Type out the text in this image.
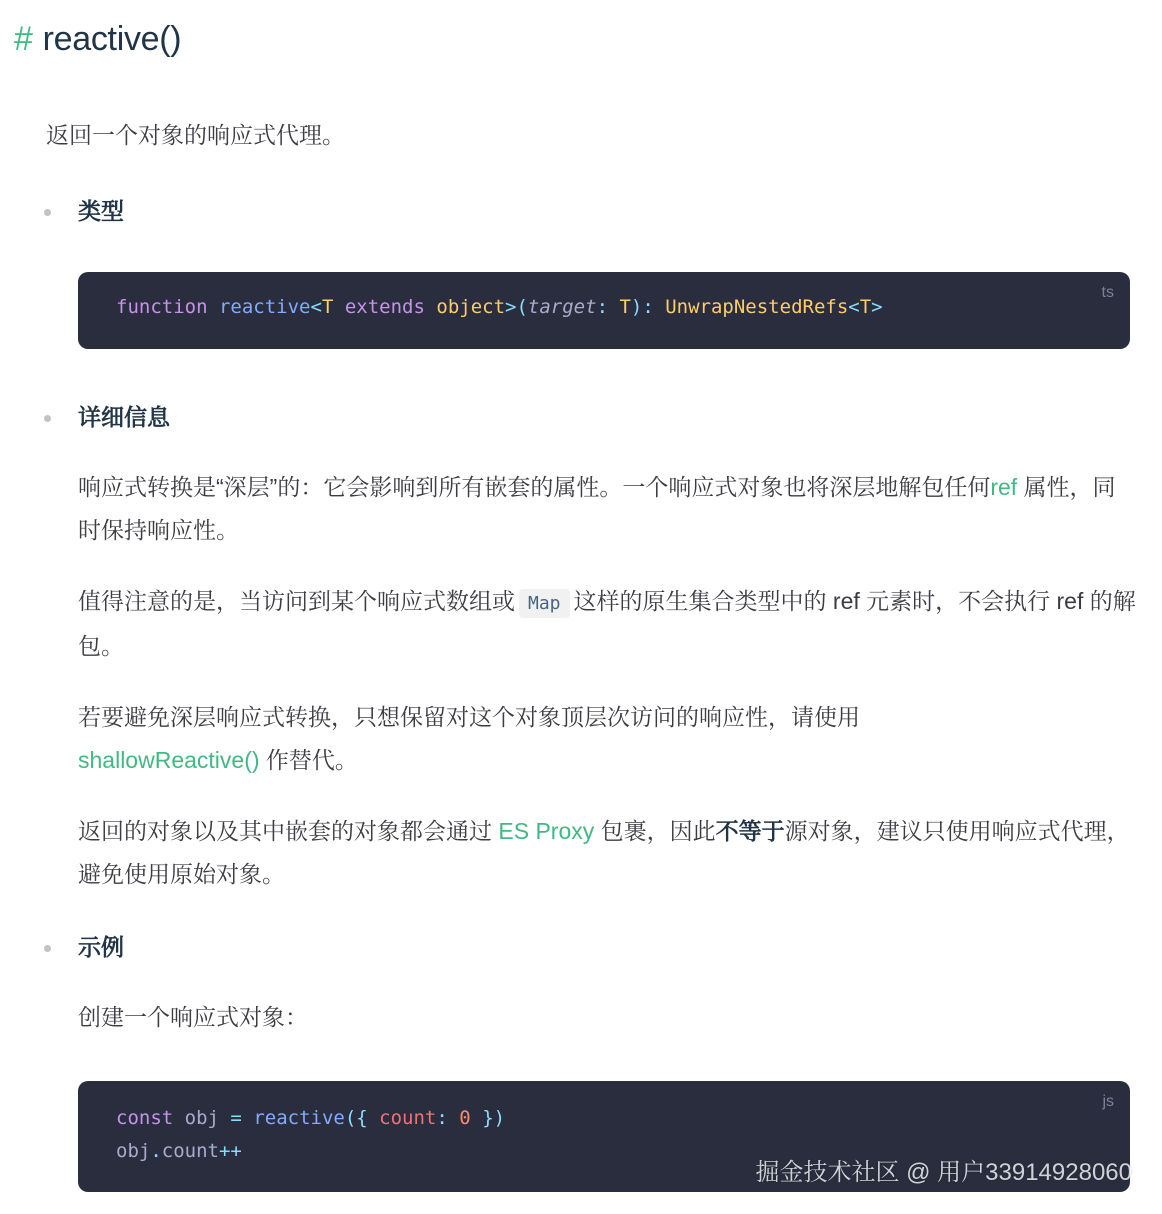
# reactive()
返回一个对象的响应式代理。
类型
ts
function reactive<T extends object>(target: T): UnwrapNestedRefs<T>
详细信息
响应式转换是“深层”的：它会影响到所有嵌套的属性。一个响应式对象也将深层地解包任何ref 属性，同时保持响应性。
值得注意的是，当访问到某个响应式数组或 Map 这样的原生集合类型中的 ref 元素时，不会执行 ref 的解包。
若要避免深层响应式转换，只想保留对这个对象顶层次访问的响应性，请使用
shallowReactive() 作替代。
返回的对象以及其中嵌套的对象都会通过 ES Proxy 包裹，因此不等于源对象，建议只使用响应式代理，避免使用原始对象。
示例
创建一个响应式对象：
js
const obj = reactive({ count: 0 })
obj.count++
掘金技术社区 @ 用户33914928060
